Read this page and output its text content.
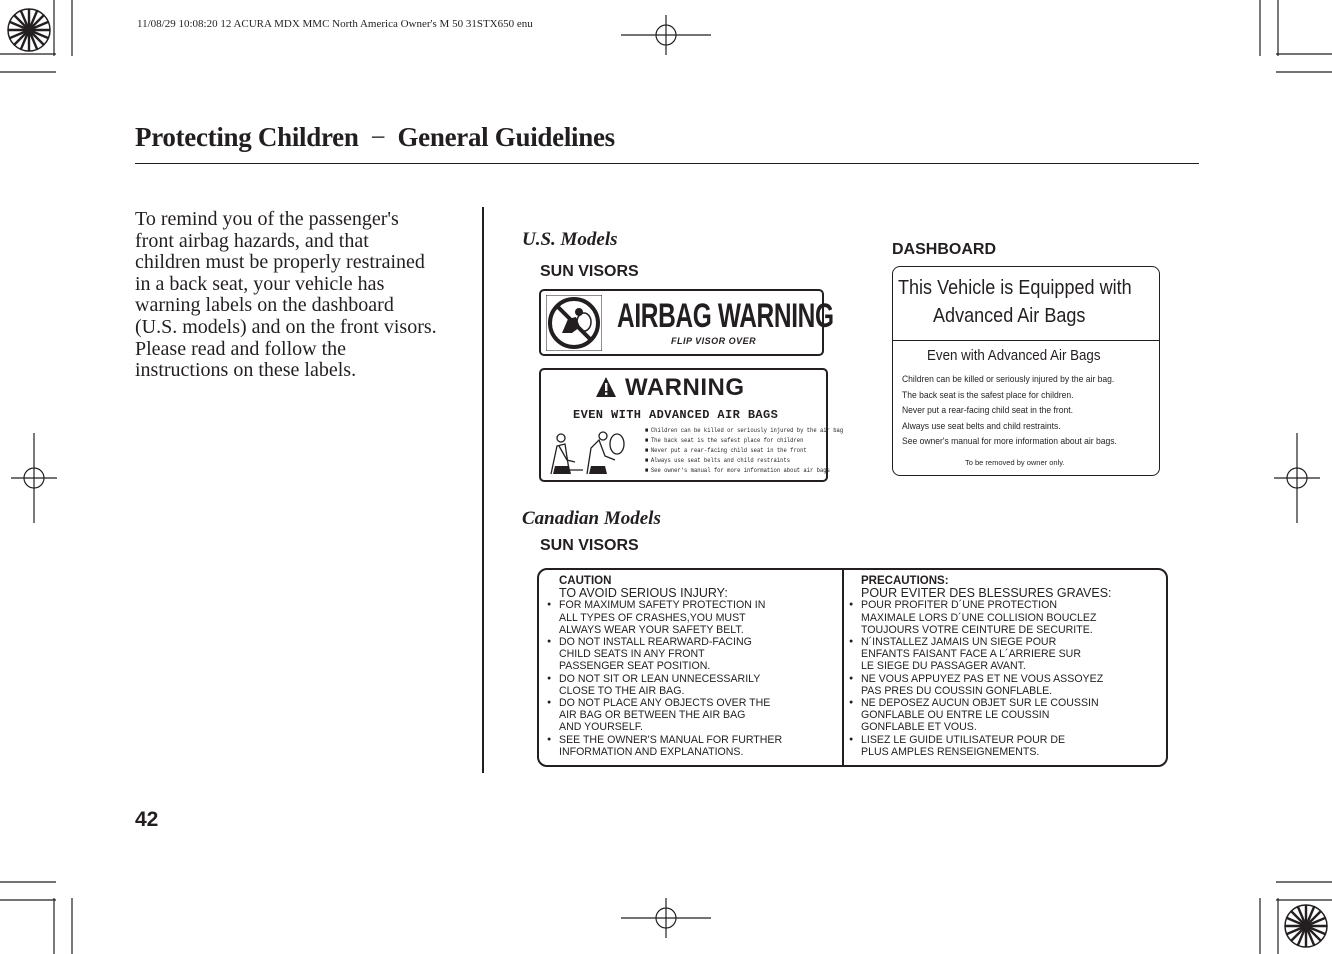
11/08/29 10:08:20 12 ACURA MDX MMC North America Owner's M 50 31STX650 enu
Protecting Children − General Guidelines
To remind you of the passenger's
front airbag hazards, and that
children must be properly restrained
in a back seat, your vehicle has
warning labels on the dashboard
(U.S. models) and on the front visors.
Please read and follow the
instructions on these labels.
U.S. Models
SUN VISORS
DASHBOARD
AIRBAG WARNING
FLIP VISOR OVER
WARNING
EVEN WITH ADVANCED AIR BAGS
■ Children can be killed or seriously injured by the air bag
■ The back seat is the safest place for children
■ Never put a rear-facing child seat in the front
■ Always use seat belts and child restraints
■ See owner's manual for more information about air bags
This Vehicle is Equipped with
Advanced Air Bags
Even with Advanced Air Bags
Children can be killed or seriously injured by the air bag.
The back seat is the safest place for children.
Never put a rear-facing child seat in the front.
Always use seat belts and child restraints.
See owner's manual for more information about air bags.
To be removed by owner only.
Canadian Models
SUN VISORS
CAUTION
TO AVOID SERIOUS INJURY:
● FOR MAXIMUM SAFETY PROTECTION IN
ALL TYPES OF CRASHES,YOU MUST
ALWAYS WEAR YOUR SAFETY BELT.
● DO NOT INSTALL REARWARD-FACING
CHILD SEATS IN ANY FRONT
PASSENGER SEAT POSITION.
● DO NOT SIT OR LEAN UNNECESSARILY
CLOSE TO THE AIR BAG.
● DO NOT PLACE ANY OBJECTS OVER THE
AIR BAG OR BETWEEN THE AIR BAG
AND YOURSELF.
● SEE THE OWNER'S MANUAL FOR FURTHER
INFORMATION AND EXPLANATIONS.
PRECAUTIONS:
POUR EVITER DES BLESSURES GRAVES:
● POUR PROFITER D´UNE PROTECTION
MAXIMALE LORS D´UNE COLLISION BOUCLEZ
TOUJOURS VOTRE CEINTURE DE SECURITE.
● N´INSTALLEZ JAMAIS UN SIEGE POUR
ENFANTS FAISANT FACE A L´ARRIERE SUR
LE SIEGE DU PASSAGER AVANT.
● NE VOUS APPUYEZ PAS ET NE VOUS ASSOYEZ
PAS PRES DU COUSSIN GONFLABLE.
● NE DEPOSEZ AUCUN OBJET SUR LE COUSSIN
GONFLABLE OU ENTRE LE COUSSIN
GONFLABLE ET VOUS.
● LISEZ LE GUIDE UTILISATEUR POUR DE
PLUS AMPLES RENSEIGNEMENTS.
42
